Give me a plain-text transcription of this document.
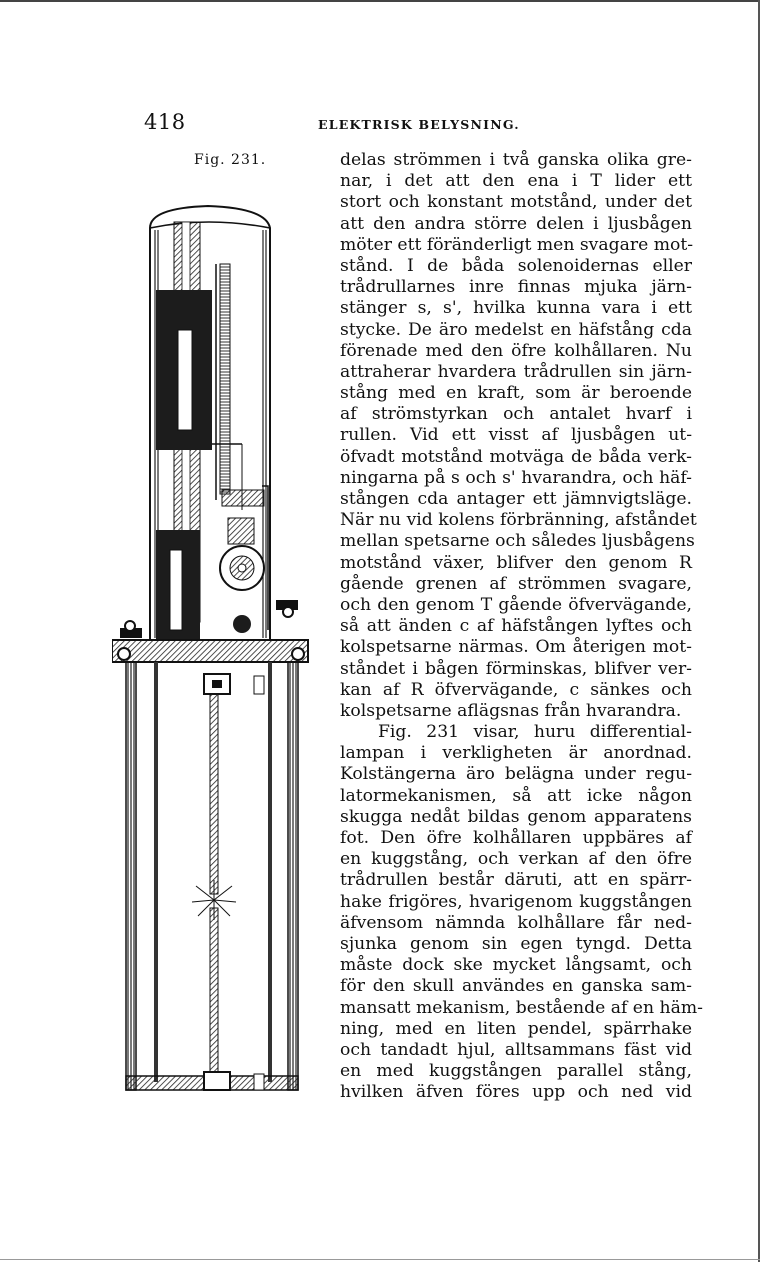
418	ELEKTRISK BELYSNING.
Fig. 231.	delas strömmen i två ganska olika gre-
nar, i det att den ena i T lider ett
stort och konstant motstånd, under det
att den andra större delen i ljusbågen
möter ett föränderligt men svagare mot-
stånd. I de båda solenoidernas eller
trådrullarnes inre finnas mjuka järn-
stänger s, s', hvilka kunna vara i ett
stycke. De äro medelst en häfstång cda
förenade med den öfre kolhållaren. Nu
attraherar hvardera trådrullen sin järn-
stång med en kraft, som är beroende
af strömstyrkan och antalet hvarf i
rullen. Vid ett visst af ljusbågen ut-
öfvadt motstånd motväga de båda verk-
ningarna på s och s' hvarandra, och häf-
stången cda antager ett jämnvigtsläge.
När nu vid kolens förbränning, afståndet
mellan spetsarne och således ljusbågens
motstånd växer, blifver den genom R
gående grenen af strömmen svagare,
och den genom T gående öfvervägande,
så att änden c af häfstången lyftes och
kolspetsarne närmas. Om återigen mot-
ståndet i bågen förminskas, blifver ver-
kan af R öfvervägande, c sänkes och
kolspetsarne aflägsnas från hvarandra.
Fig. 231 visar, huru differential-
lampan i verkligheten är anordnad.
Kolstängerna äro belägna under regu-
latormekanismen, så att icke någon
skugga nedåt bildas genom apparatens
fot. Den öfre kolhållaren uppbäres af
en kuggstång, och verkan af den öfre
trådrullen består däruti, att en spärr-
hake frigöres, hvarigenom kuggstången
äfvensom nämnda kolhållare får ned-
sjunka genom sin egen tyngd. Detta
måste dock ske mycket långsamt, och
för den skull användes en ganska sam-
mansatt mekanism, bestående af en häm-
ning, med en liten pendel, spärrhake
och tandadt hjul, alltsammans fäst vid
en med kuggstången parallel stång,
hvilken äfven föres upp och ned vid
